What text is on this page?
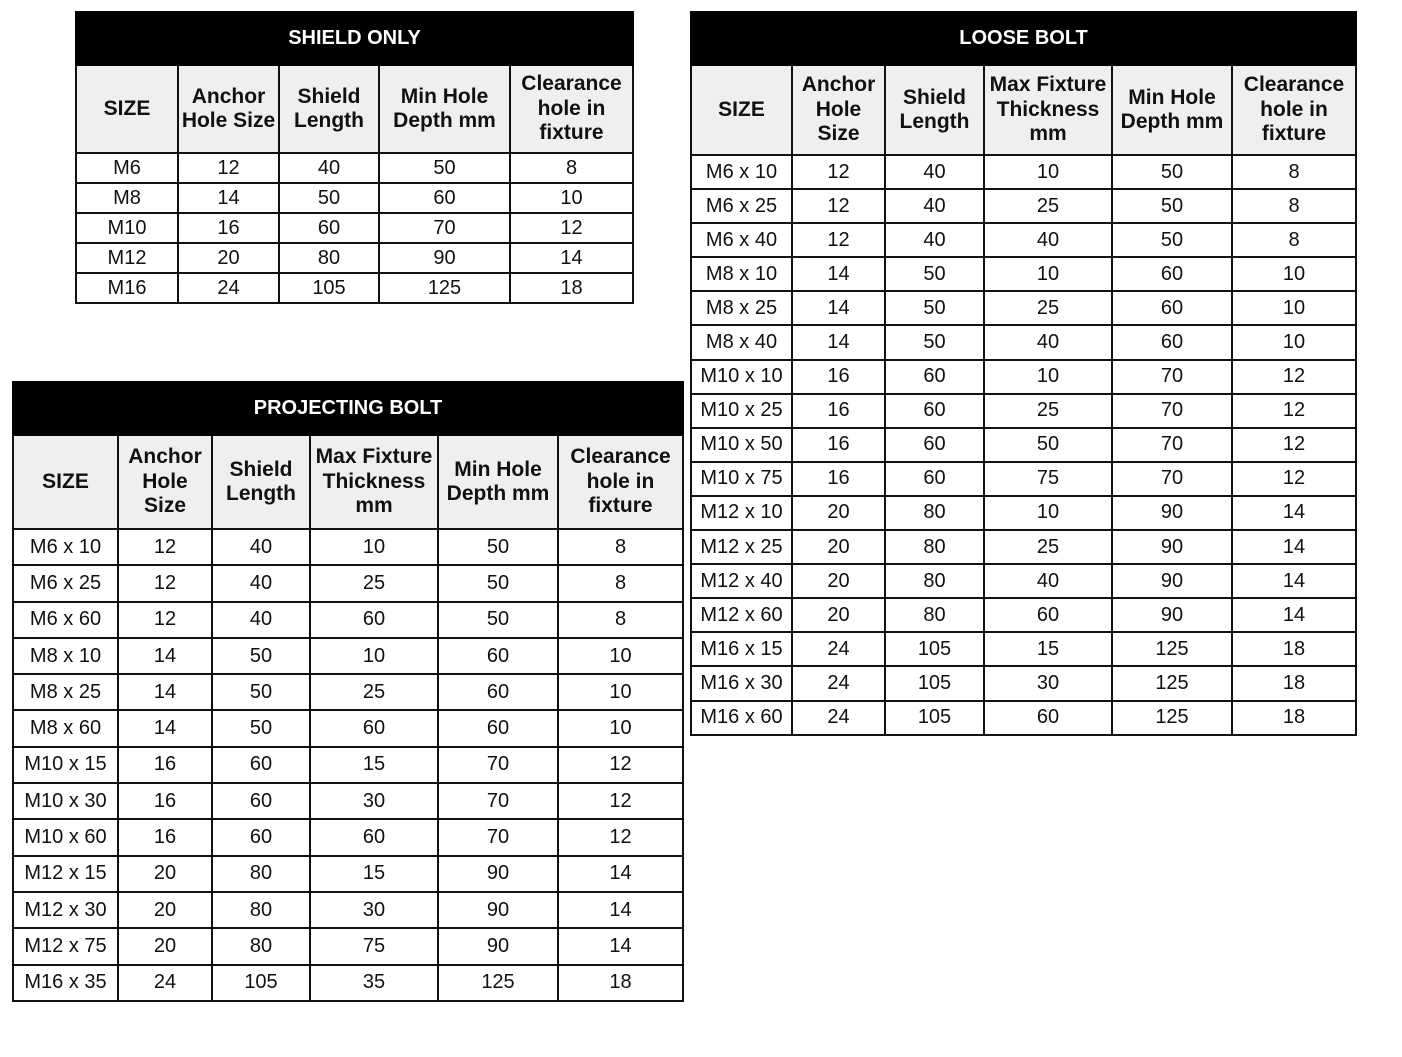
SHIELD ONLY				
SIZE	Anchor Hole Size	Shield Length	Min Hole Depth mm	Clearance hole in fixture
M6	12	40	50	8
M8	14	50	60	10
M10	16	60	70	12
M12	20	80	90	14
M16	24	105	125	18
LOOSE BOLT					
SIZE	Anchor Hole Size	Shield Length	Max Fixture Thickness mm	Min Hole Depth mm	Clearance hole in fixture
M6 x 10	12	40	10	50	8
M6 x 25	12	40	25	50	8
M6 x 40	12	40	40	50	8
M8 x 10	14	50	10	60	10
M8 x 25	14	50	25	60	10
M8 x 40	14	50	40	60	10
M10 x 10	16	60	10	70	12
M10 x 25	16	60	25	70	12
M10 x 50	16	60	50	70	12
M10 x 75	16	60	75	70	12
M12 x 10	20	80	10	90	14
M12 x 25	20	80	25	90	14
M12 x 40	20	80	40	90	14
M12 x 60	20	80	60	90	14
M16 x 15	24	105	15	125	18
M16 x 30	24	105	30	125	18
M16 x 60	24	105	60	125	18
PROJECTING BOLT					
SIZE	Anchor Hole Size	Shield Length	Max Fixture Thickness mm	Min Hole Depth mm	Clearance hole in fixture
M6 x 10	12	40	10	50	8
M6 x 25	12	40	25	50	8
M6 x 60	12	40	60	50	8
M8 x 10	14	50	10	60	10
M8 x 25	14	50	25	60	10
M8 x 60	14	50	60	60	10
M10 x 15	16	60	15	70	12
M10 x 30	16	60	30	70	12
M10 x 60	16	60	60	70	12
M12 x 15	20	80	15	90	14
M12 x 30	20	80	30	90	14
M12 x 75	20	80	75	90	14
M16 x 35	24	105	35	125	18
